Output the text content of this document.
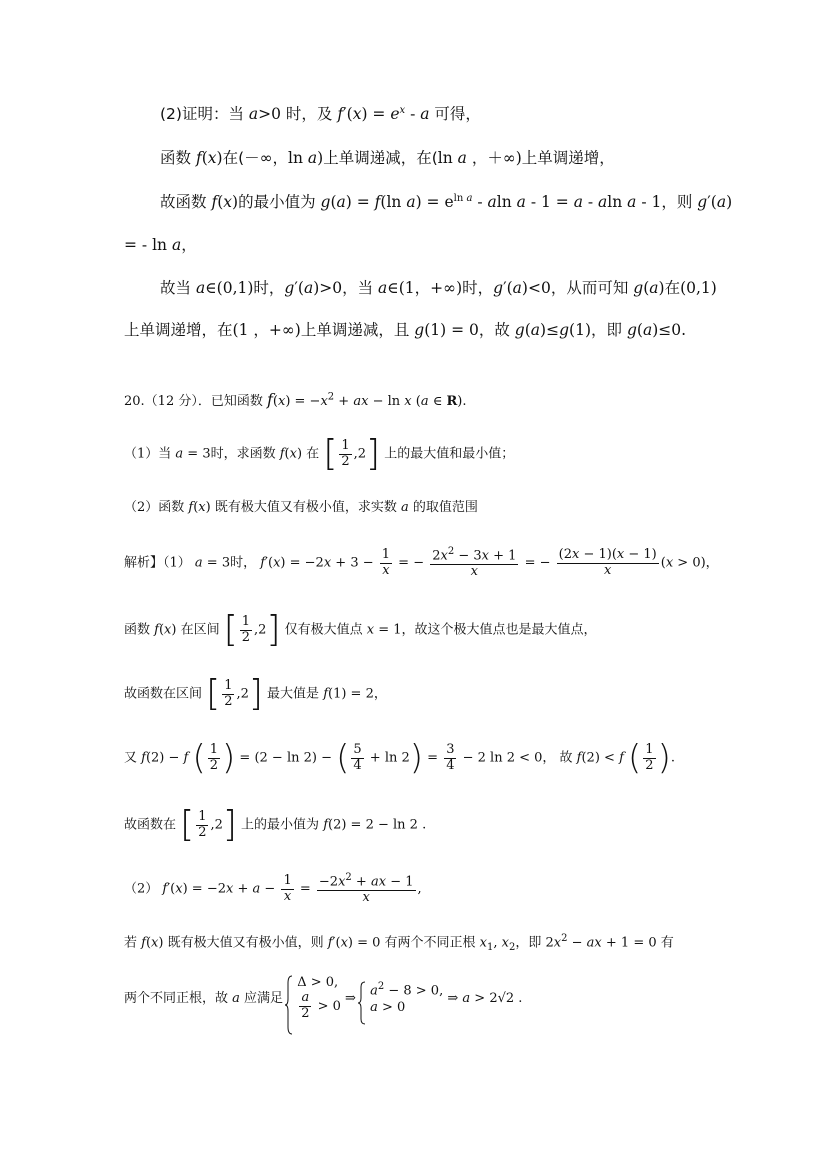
(2)证明：当 a>0 时，及 $f'(x) = e^x - a$ 可得，
函数 f(x)在(－∞，ln a)上单调递减，在(ln a ，＋∞)上单调递增，
故函数 f(x)的最小值为 g(a) = f(ln $a) = e^{ln a} - aln$ a - 1 = a - aln a - 1，则 g′(a)
= - ln a，
故当 a∈(0,1)时，g′(a)>0，当 a∈(1，+∞)时，g′(a)<0，从而可知 g(a)在(0,1)
上单调递增，在(1 ，+∞)上单调递减，且 g(1) = 0，故 g(a)≤g(1)，即 g(a)≤0.
20.（12 分）．已知函数 $f(x) = -x^2$ + ax − ln x (a ∈ R).
（1）当 a = 3时，求函数 f(x) 在 [ $\frac{1}{2} ,2$] 上的最大值和最小值；
（2）函数 f(x) 既有极大值又有极小值，求实数 a 的取值范围
解析】（1） a = 3时， $f'(x) = -2x + 3 - \frac{1}{x}$ = − $\frac{2x^2 - 3x + 1}{x}$ = − $\frac{(2x - 1)(x - 1)}{x} (x > 0)$，
函数 f(x) 在区间 [ $\frac{1}{2} ,2$] 仅有极大值点 x = 1，故这个极大值点也是最大值点，
故函数在区间 [ $\frac{1}{2} ,2$] 最大值是 f(1) = 2，
又 f(2) − f ( $\frac{1}{2}$ ) = (2 − ln 2) − ( $\frac{5}{4} + \ln 2) = \frac{3}{4} - 2$ ln 2 < 0， 故 f(2) < f ( $\frac{1}{2}$ ).
故函数在 [ $\frac{1}{2} ,2$] 上的最小值为 f(2) = 2 − ln 2 .
（2） $f'(x) = -2x + a - \frac{1}{x} = \frac{-2x^2 + ax - 1}{x}$ ,
若 f(x) 既有极大值又有极小值，则 f′(x) = 0 有两个不同正根 $x_1$, $x_2$，即 $2x^2$ − ax + 1 = 0 有
两个不同正根，故 a 应满足
Δ > 0,
$\frac{a}{2} > 0$
⇒
$a^2 - 8 > 0$,
a > 0
⇒ a > 2√2 .
